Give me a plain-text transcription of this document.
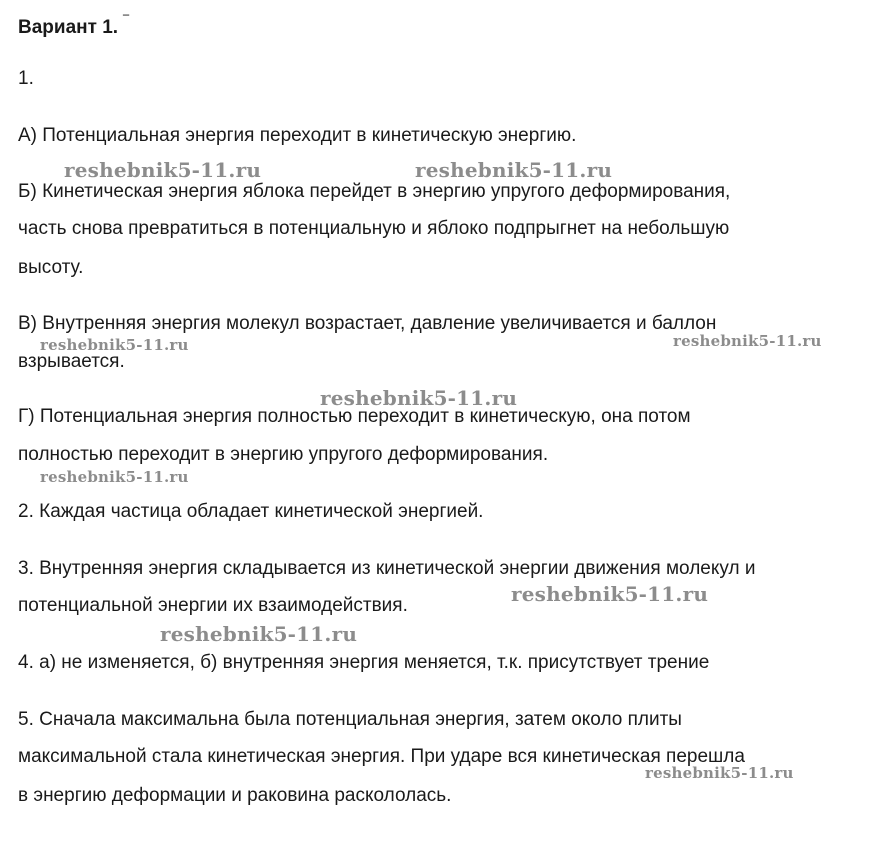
Вариант 1. ‾
1.
А) Потенциальная энергия переходит в кинетическую энергию.
Б) Кинетическая энергия яблока перейдет в энергию упругого деформирования,
часть снова превратиться в потенциальную и яблоко подпрыгнет на небольшую
высоту.
В) Внутренняя энергия молекул возрастает, давление увеличивается и баллон
взрывается.
Г) Потенциальная энергия полностью переходит в кинетическую, она потом
полностью переходит в энергию упругого деформирования.
2. Каждая частица обладает кинетической энергией.
3. Внутренняя энергия складывается из кинетической энергии движения молекул и
потенциальной энергии их взаимодействия.
4. а) не изменяется, б) внутренняя энергия меняется, т.к. присутствует трение
5. Сначала максимальна была потенциальная энергия, затем около плиты
максимальной стала кинетическая энергия. При ударе вся кинетическая перешла
в энергию деформации и раковина раскололась.
reshebnik5-11.ru	reshebnik5-11.ru
reshebnik5-11.ru	reshebnik5-11.ru
reshebnik5-11.ru
reshebnik5-11.ru
reshebnik5-11.ru
reshebnik5-11.ru
reshebnik5-11.ru
